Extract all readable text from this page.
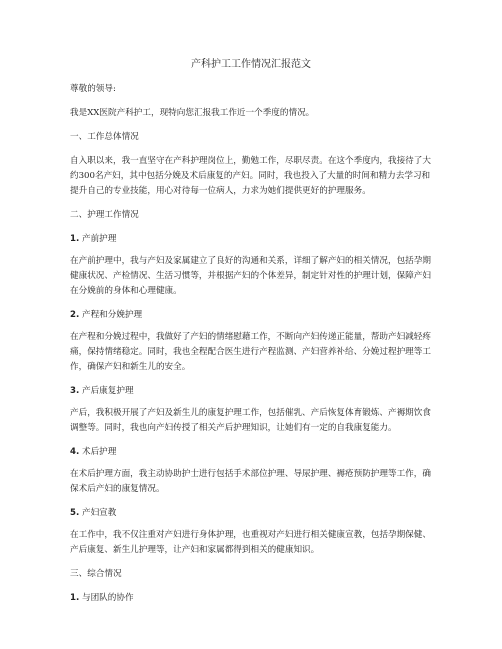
产科护工工作情况汇报范文

尊敬的领导:

我是XX医院产科护工，现特向您汇报我工作近一个季度的情况。

一、工作总体情况

自入职以来，我一直坚守在产科护理岗位上，勤勉工作，尽职尽责。在这个季度内，我接待了大约300名产妇，其中包括分娩及术后康复的产妇。同时，我也投入了大量的时间和精力去学习和提升自己的专业技能，用心对待每一位病人，力求为她们提供更好的护理服务。

二、护理工作情况

1. 产前护理

在产前护理中，我与产妇及家属建立了良好的沟通和关系，详细了解产妇的相关情况，包括孕期健康状况、产检情况、生活习惯等，并根据产妇的个体差异，制定针对性的护理计划，保障产妇在分娩前的身体和心理健康。

2. 产程和分娩护理

在产程和分娩过程中，我做好了产妇的情绪慰藉工作，不断向产妇传递正能量，帮助产妇减轻疼痛，保持情绪稳定。同时，我也全程配合医生进行产程监测、产妇营养补给、分娩过程护理等工作，确保产妇和新生儿的安全。

3. 产后康复护理

产后，我积极开展了产妇及新生儿的康复护理工作，包括催乳、产后恢复体育锻炼、产褥期饮食调整等。同时，我也向产妇传授了相关产后护理知识，让她们有一定的自我康复能力。

4. 术后护理

在术后护理方面，我主动协助护士进行包括手术部位护理、导尿护理、褥疮预防护理等工作，确保术后产妇的康复情况。

5. 产妇宣教

在工作中，我不仅注重对产妇进行身体护理，也重视对产妇进行相关健康宣教，包括孕期保健、产后康复、新生儿护理等，让产妇和家属都得到相关的健康知识。

三、综合情况

1. 与团队的协作
